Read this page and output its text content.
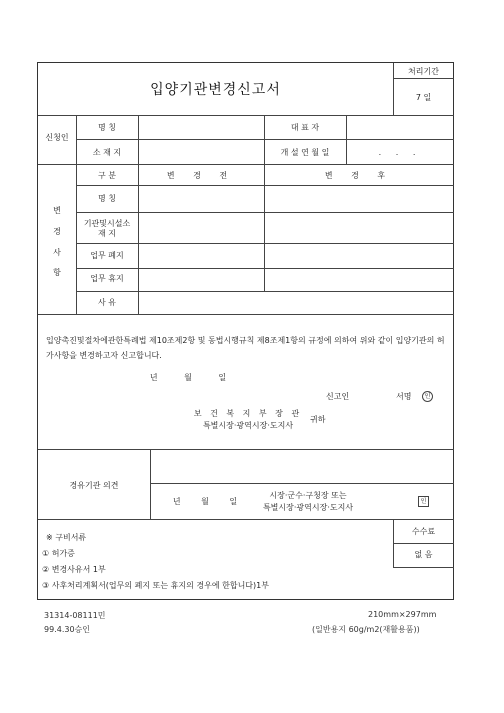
입양기관변경신고서
처리기간
7 일
신청인
명 칭	대 표 자
소 재 지	개 설 연 월 일	. . .
변경사항
구 분	변 경 전	변 경 후
명 칭
기관및시설소 재 지
업무 폐지
업무 휴지
사 유
입양촉진및절차에관한특례법 제10조제2항 및 동법시행규칙 제8조제1항의 규정에 의하여 위와 같이 입양기관의 허가사항을 변경하고자 신고합니다.
년 월 일
신고인	서명	인
보 건 복 지 부 장 관
특별시장·광역시장·도지사
귀하
경유기관 의견
년 월 일
시장·군수·구청장 또는
특별시장·광역시장·도지사
인
수수료
없 음
※ 구비서류
① 허가증
② 변경사유서 1부
③ 사후처리계획서(업무의 폐지 또는 휴지의 경우에 한합니다)1부
31314-08111민
99.4.30승인
210mm×297mm
(일반용지 60g/m2(재활용품))
